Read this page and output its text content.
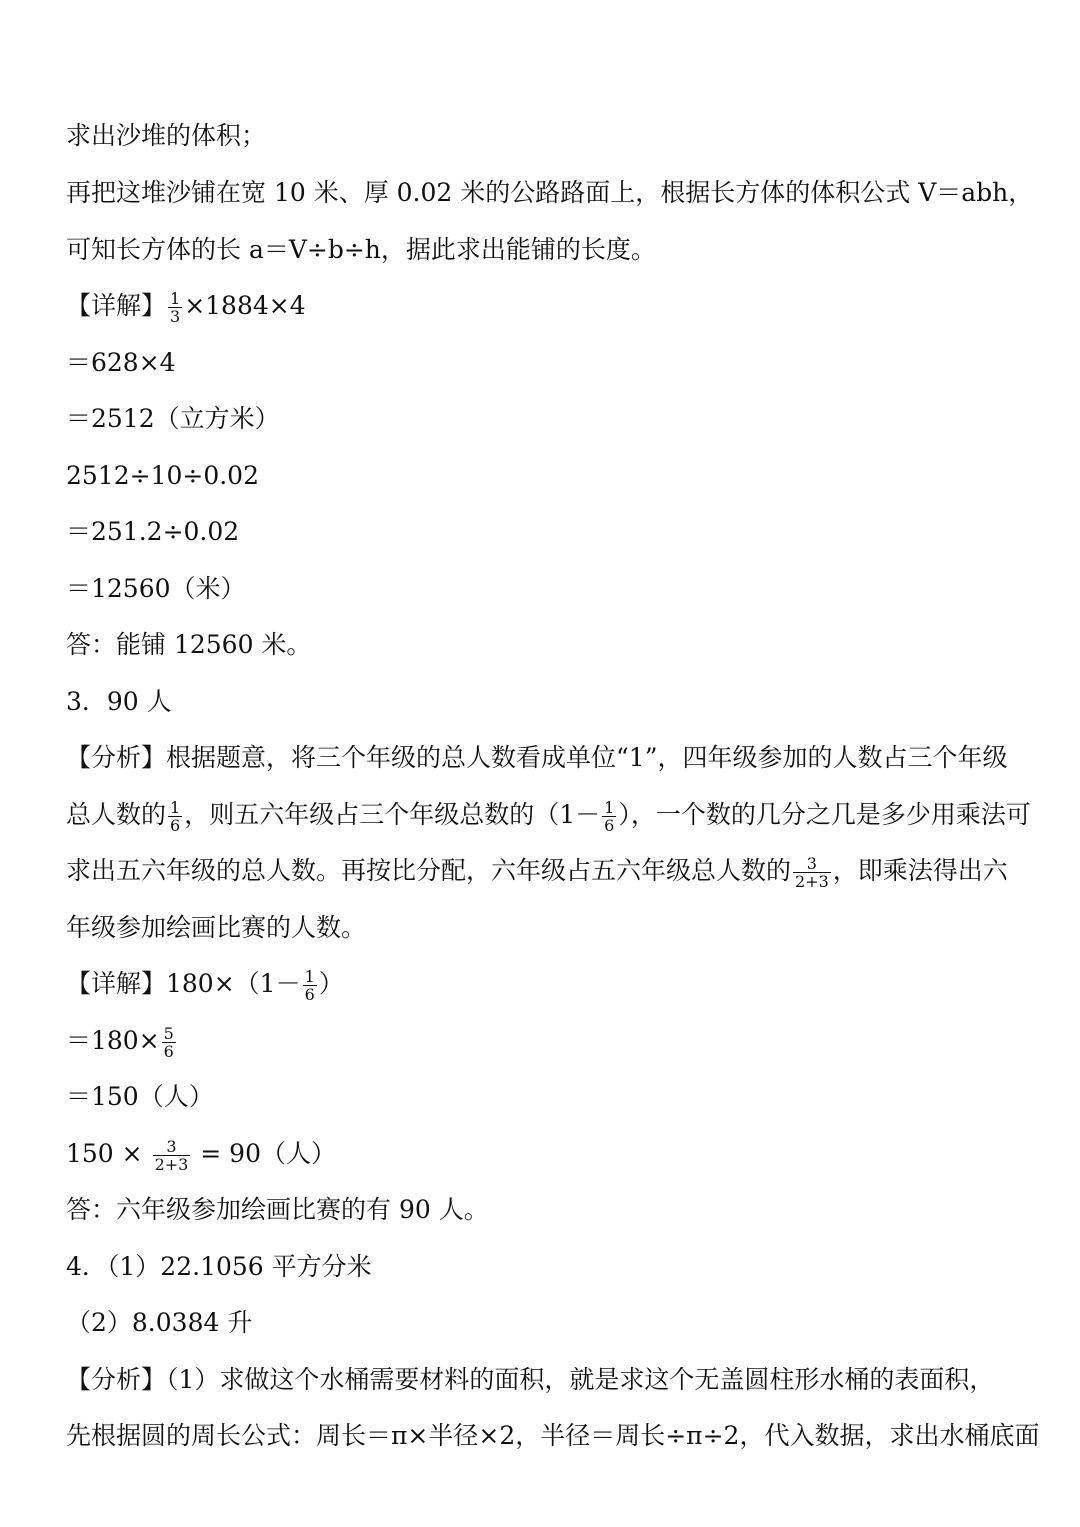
求出沙堆的体积；
再把这堆沙铺在宽 10 米、厚 0.02 米的公路路面上，根据长方体的体积公式 V＝abh，
可知长方体的长 a＝V÷b÷h，据此求出能铺的长度。
【详解】 $\frac{1}{3} \times 1884\times 4$
＝628×4
＝2512（立方米）
2512÷10÷0.02
＝251.2÷0.02
＝12560（米）
答：能铺 12560 米。
3．90 人
【分析】根据题意，将三个年级的总人数看成单位“1”，四年级参加的人数占三个年级
总人数的 $\frac{1}{6}$ ，则五六年级占三个年级总数的（$1- \frac{1}{6}$ ），一个数的几分之几是多少用乘法可
求出五六年级的总人数。再按比分配，六年级占五六年级总人数的 $\frac{3}{2+3}$ ，即乘法得出六
年级参加绘画比赛的人数。
【详解】$180\times(1- \frac{1}{6}$ ）
$=180\times \frac{5}{6}$
＝150（人）
$150 \times \frac{3}{2+3} = 90$（人）
答：六年级参加绘画比赛的有 90 人。
4．（1）22.1056 平方分米
（2）8.0384 升
【分析】（1）求做这个水桶需要材料的面积，就是求这个无盖圆柱形水桶的表面积，
先根据圆的周长公式：周长＝π×半径×2，半径＝周长÷π÷2，代入数据，求出水桶底面
